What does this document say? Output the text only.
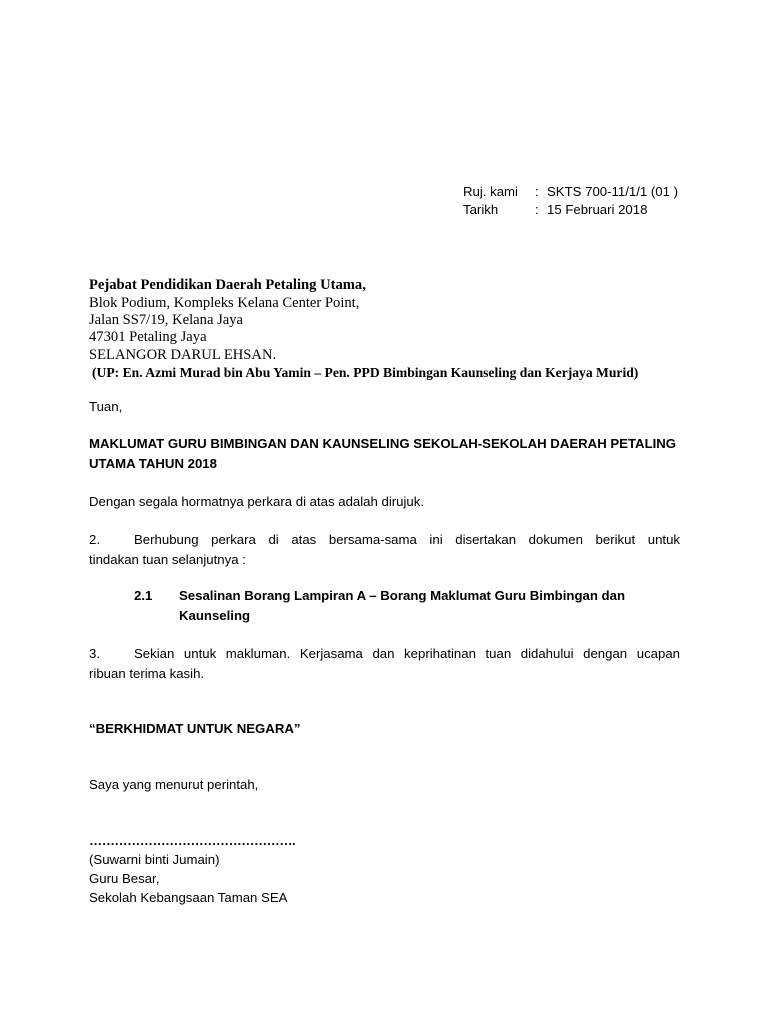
Ruj. kami : SKTS 700-11/1/1 (01 )
Tarikh	: 15 Februari 2018
Pejabat Pendidikan Daerah Petaling Utama,
Blok Podium, Kompleks Kelana Center Point,
Jalan SS7/19, Kelana Jaya
47301 Petaling Jaya
SELANGOR DARUL EHSAN.
(UP: En. Azmi Murad bin Abu Yamin – Pen. PPD Bimbingan Kaunseling dan Kerjaya Murid)
Tuan,
MAKLUMAT GURU BIMBINGAN DAN KAUNSELING SEKOLAH-SEKOLAH DAERAH PETALING
UTAMA TAHUN 2018
Dengan segala hormatnya perkara di atas adalah dirujuk.
2.	Berhubung perkara di atas bersama-sama ini disertakan dokumen berikut untuk
tindakan tuan selanjutnya :
2.1 Sesalinan Borang Lampiran A – Borang Maklumat Guru Bimbingan dan
Kaunseling
3.	Sekian untuk makluman. Kerjasama dan keprihatinan tuan didahului dengan ucapan
ribuan terima kasih.
“BERKHIDMAT UNTUK NEGARA”
Saya yang menurut perintah,
………………………………………….
(Suwarni binti Jumain)
Guru Besar,
Sekolah Kebangsaan Taman SEA
